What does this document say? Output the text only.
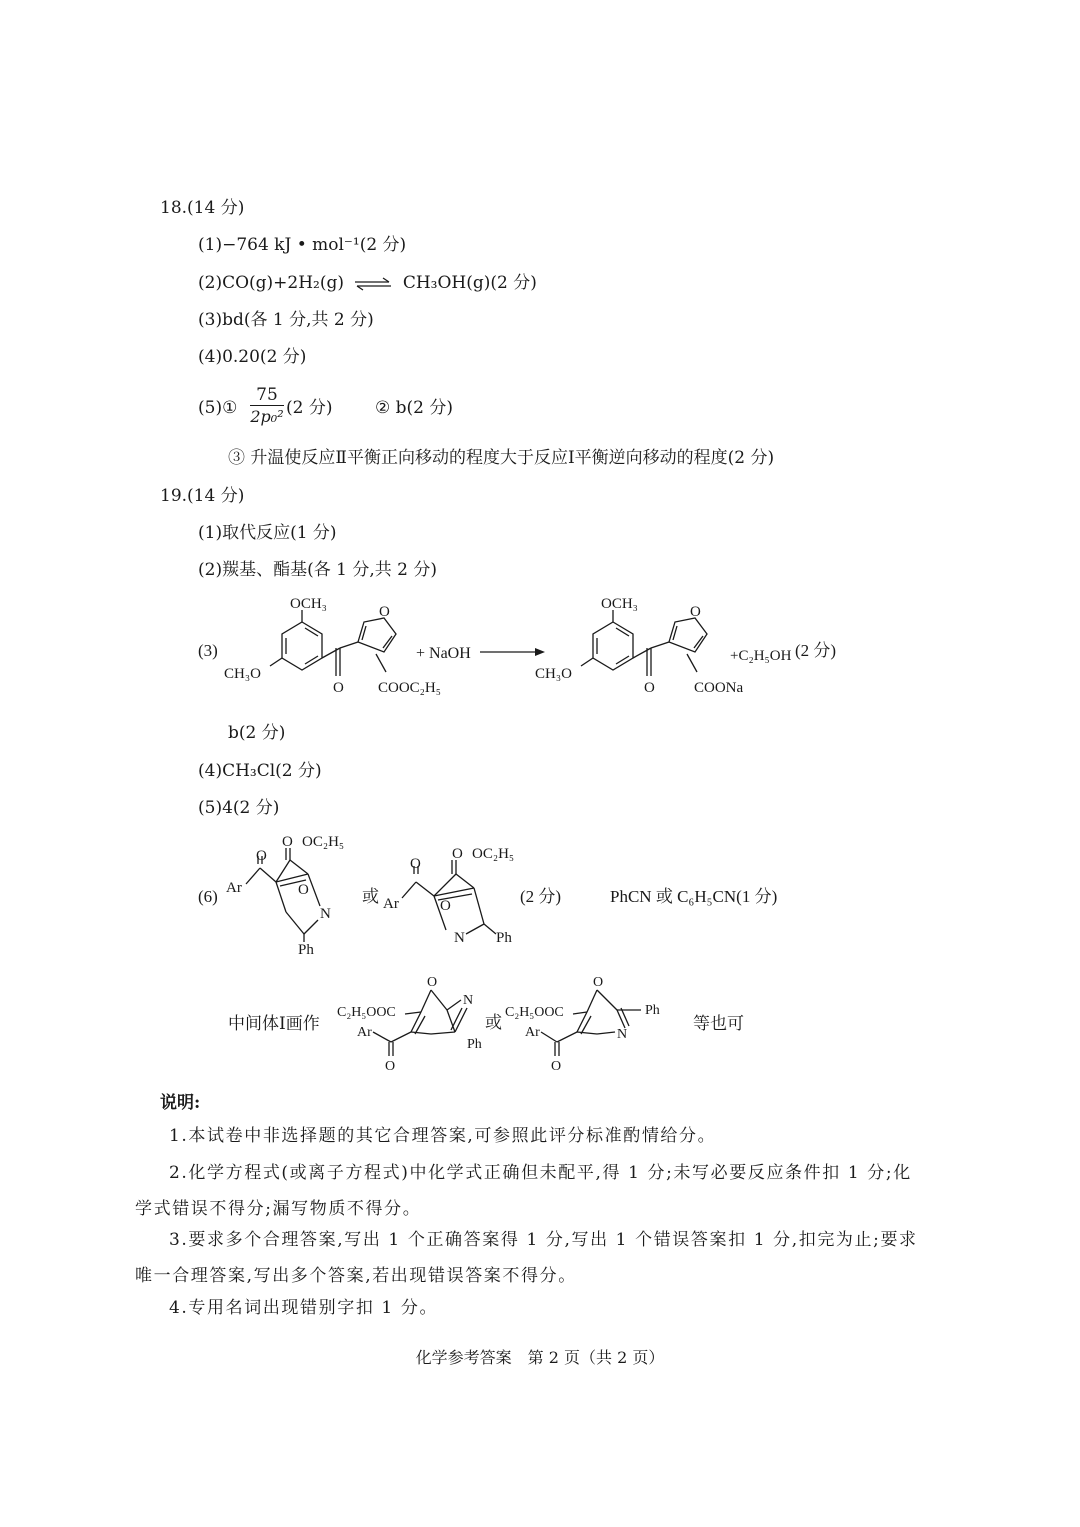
18.(14 分)
(1)−764 kJ • mol⁻¹(2 分)
(2)CO(g)+2H₂(g) ⇌ CH₃OH(g)(2 分)
(3)bd(各 1 分,共 2 分)
(4)0.20(2 分)
(5)① $\frac{75}{\text{2p₀²}} (2$ 分)	② b(2 分)
③ 升温使反应Ⅱ平衡正向移动的程度大于反应Ⅰ平衡逆向移动的程度(2 分)
19.(14 分)
(1)取代反应(1 分)
(2)羰基、酯基(各 1 分,共 2 分)
(3)
OCH₃
CH₃O
O
O
COOC₂H₅
+ NaOH
OCH₃
CH₃O
O
O
COONa
+C₂H₅OH (2 分)
b(2 分)
(4)CH₃Cl(2 分)
(5)4(2 分)
(6) Ar
O
O OC₂H₅
O
N
Ph
或 Ar
O
O OC₂H₅
O
N Ph
(2 分)	PhCN 或 C₆H₅CN(1 分)
中间体Ⅰ画作
C₂H₅OOC
Ar
O
N
Ph
O
或
C₂H₅OOC
Ar
O
Ph
N
O
等也可
说明:
1.本试卷中非选择题的其它合理答案,可参照此评分标准酌情给分。
2.化学方程式(或离子方程式)中化学式正确但未配平,得 1 分;未写必要反应条件扣 1 分;化学式错误不得分;漏写物质不得分。
3.要求多个合理答案,写出 1 个正确答案得 1 分,写出 1 个错误答案扣 1 分,扣完为止;要求唯一合理答案,写出多个答案,若出现错误答案不得分。
4.专用名词出现错别字扣 1 分。
化学参考答案　第 2 页（共 2 页）
